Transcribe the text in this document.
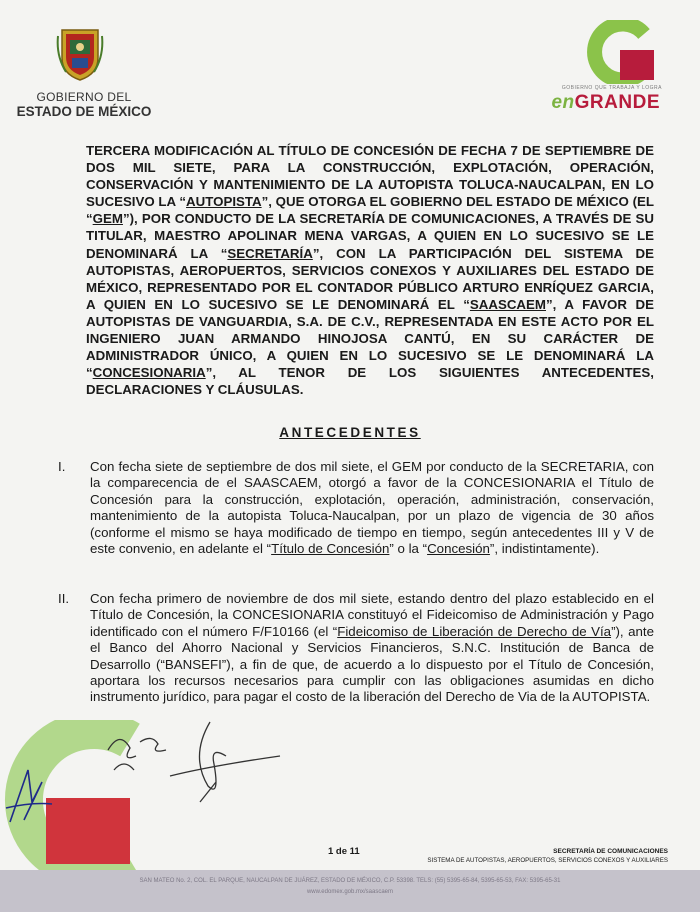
GOBIERNO DEL
ESTADO DE MÉXICO
GOBIERNO QUE TRABAJA Y LOGRA
enGRANDE
TERCERA MODIFICACIÓN AL TÍTULO DE CONCESIÓN DE FECHA 7 DE SEPTIEMBRE DE DOS MIL SIETE, PARA LA CONSTRUCCIÓN, EXPLOTACIÓN, OPERACIÓN, CONSERVACIÓN Y MANTENIMIENTO DE LA AUTOPISTA TOLUCA-NAUCALPAN, EN LO SUCESIVO LA “AUTOPISTA”, QUE OTORGA EL GOBIERNO DEL ESTADO DE MÉXICO (EL “GEM”), POR CONDUCTO DE LA SECRETARÍA DE COMUNICACIONES, A TRAVÉS DE SU TITULAR, MAESTRO APOLINAR MENA VARGAS, A QUIEN EN LO SUCESIVO SE LE DENOMINARÁ LA “SECRETARÍA”, CON LA PARTICIPACIÓN DEL SISTEMA DE AUTOPISTAS, AEROPUERTOS, SERVICIOS CONEXOS Y AUXILIARES DEL ESTADO DE MÉXICO, REPRESENTADO POR EL CONTADOR PÚBLICO ARTURO ENRÍQUEZ GARCIA, A QUIEN EN LO SUCESIVO SE LE DENOMINARÁ EL “SAASCAEM”, A FAVOR DE AUTOPISTAS DE VANGUARDIA, S.A. DE C.V., REPRESENTADA EN ESTE ACTO POR EL INGENIERO JUAN ARMANDO HINOJOSA CANTÚ, EN SU CARÁCTER DE ADMINISTRADOR ÚNICO, A QUIEN EN LO SUCESIVO SE LE DENOMINARÁ LA “CONCESIONARIA”, AL TENOR DE LOS SIGUIENTES ANTECEDENTES, DECLARACIONES Y CLÁUSULAS.
ANTECEDENTES
I. Con fecha siete de septiembre de dos mil siete, el GEM por conducto de la SECRETARIA, con la comparecencia de el SAASCAEM, otorgó a favor de la CONCESIONARIA el Título de Concesión para la construcción, explotación, operación, administración, conservación, mantenimiento de la autopista Toluca-Naucalpan, por un plazo de vigencia de 30 años (conforme el mismo se haya modificado de tiempo en tiempo, según antecedentes III y V de este convenio, en adelante el “Título de Concesión” o la “Concesión”, indistintamente).
II. Con fecha primero de noviembre de dos mil siete, estando dentro del plazo establecido en el Título de Concesión, la CONCESIONARIA constituyó el Fideicomiso de Administración y Pago identificado con el número F/F10166 (el “Fideicomiso de Liberación de Derecho de Vía”), ante el Banco del Ahorro Nacional y Servicios Financieros, S.N.C. Institución de Banca de Desarrollo (“BANSEFI”), a fin de que, de acuerdo a lo dispuesto por el Título de Concesión, aportara los recursos necesarios para cumplir con las obligaciones asumidas en dicho instrumento jurídico, para pagar el costo de la liberación del Derecho de Via de la AUTOPISTA.
1 de 11	SECRETARÍA DE COMUNICACIONES
SISTEMA DE AUTOPISTAS, AEROPUERTOS, SERVICIOS CONEXOS Y AUXILIARES
SAN MATEO No. 2, COL. EL PARQUE, NAUCALPAN DE JUÁREZ, ESTADO DE MÉXICO, C.P. 53398. TELS: (55) 5395-65-84, 5395-65-53, FAX: 5395-65-31
www.edomex.gob.mx/saascaem
